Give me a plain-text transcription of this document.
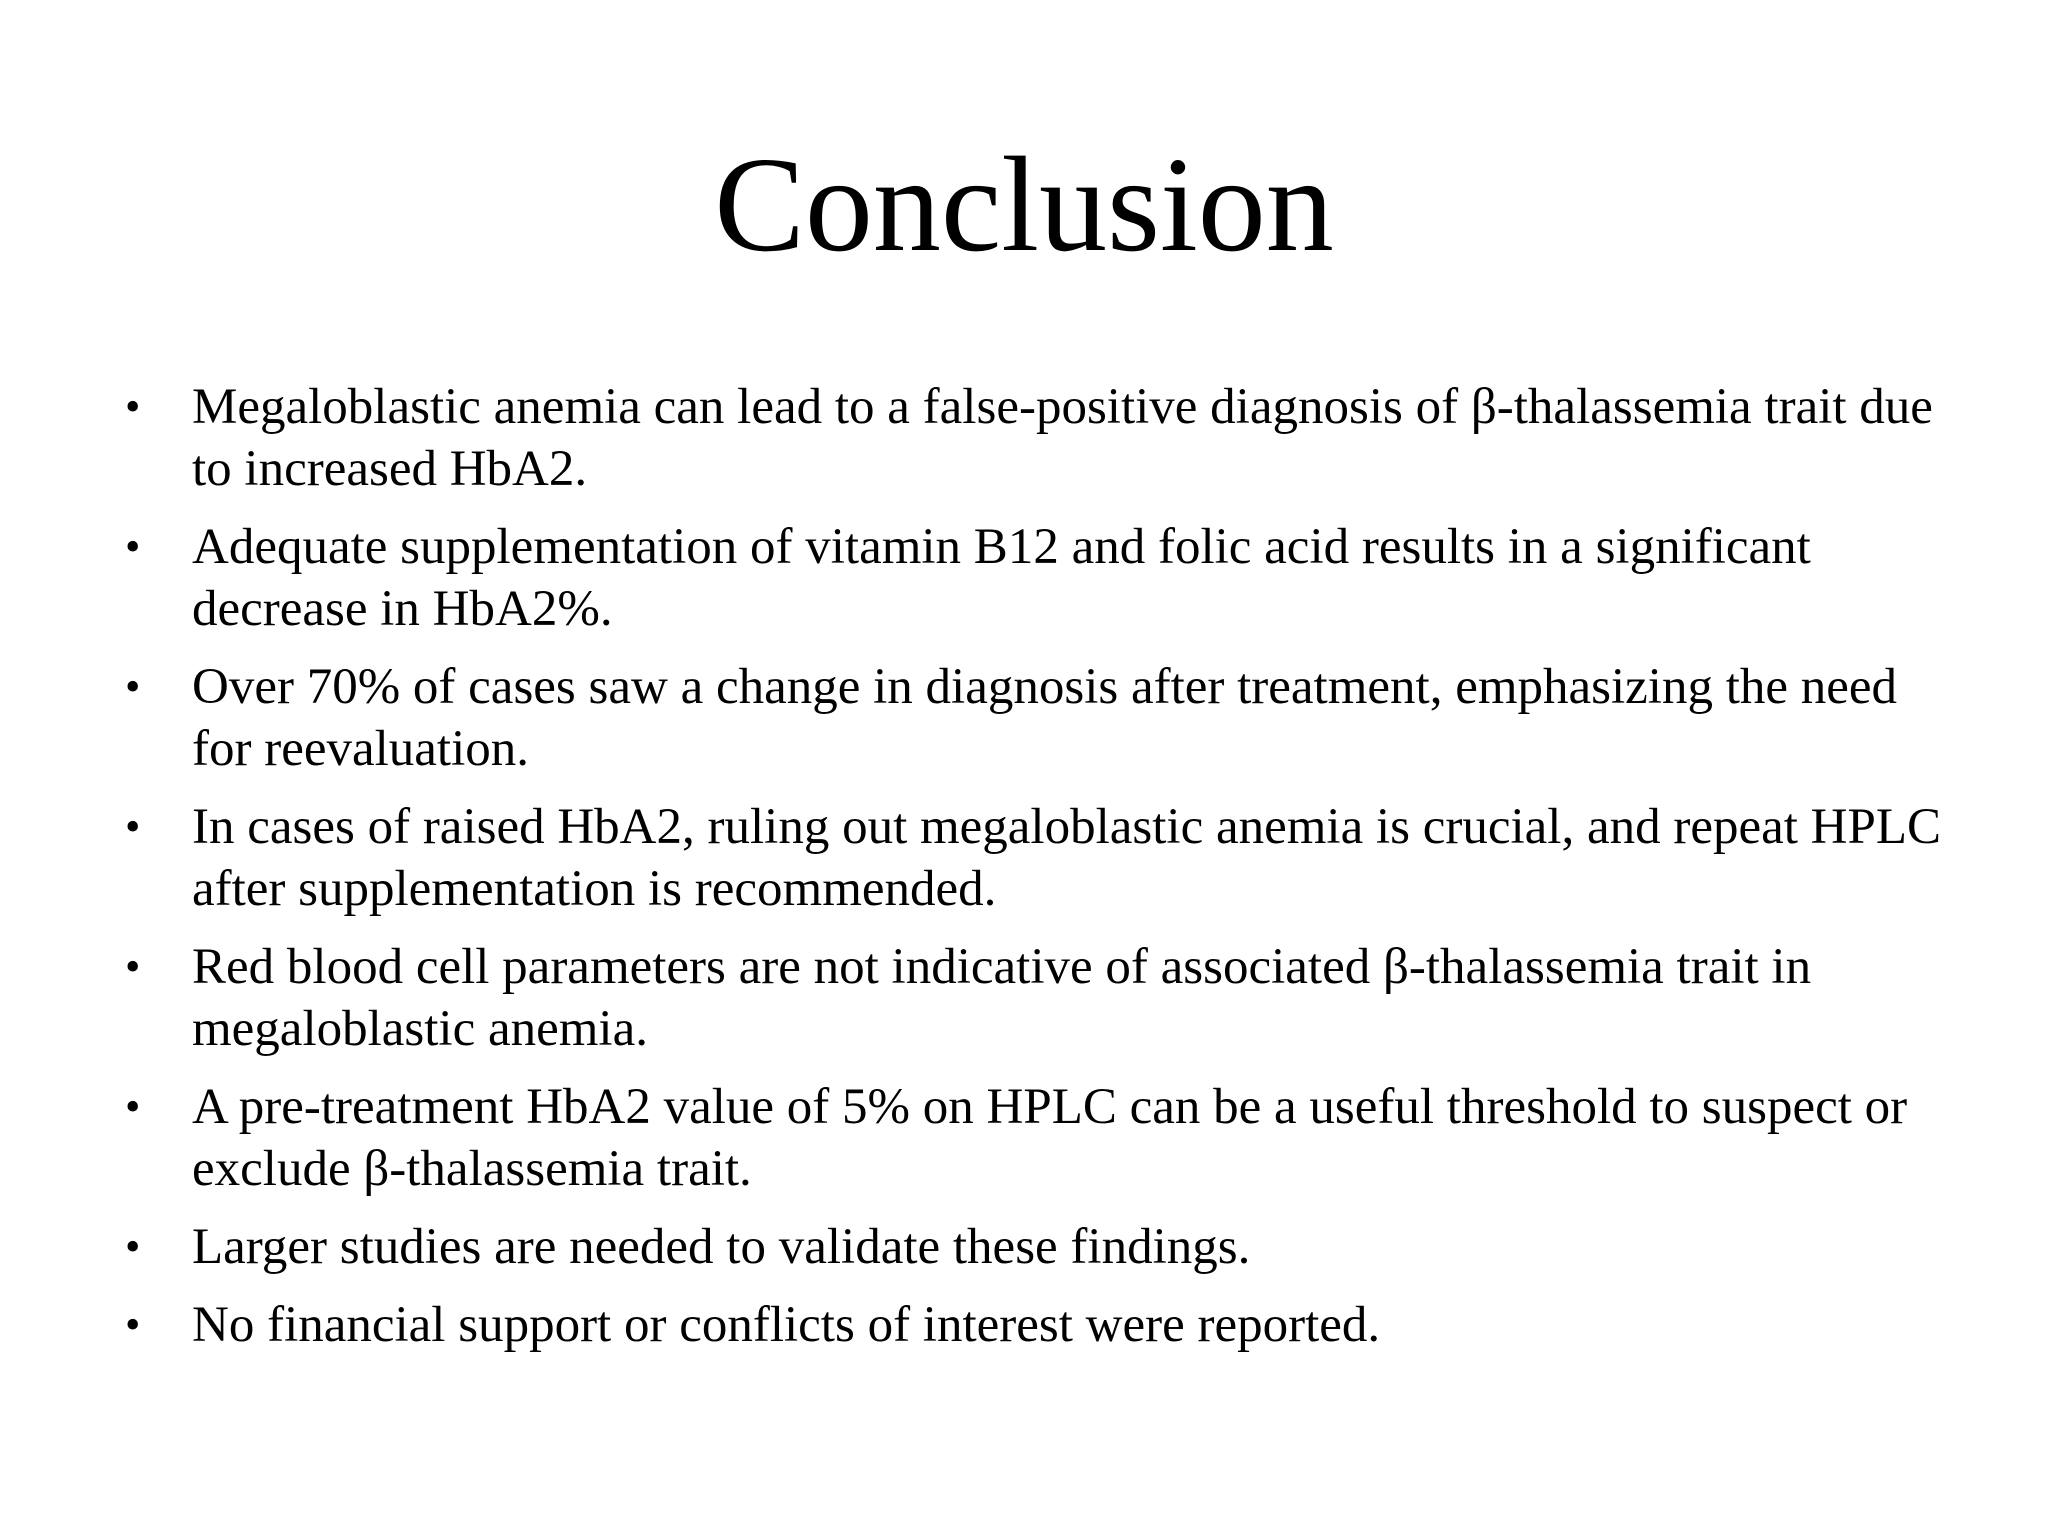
Conclusion
•	Megaloblastic anemia can lead to a false-positive diagnosis of β-thalassemia trait due to increased HbA2.
•	Adequate supplementation of vitamin B12 and folic acid results in a significant decrease in HbA2%.
•	Over 70% of cases saw a change in diagnosis after treatment, emphasizing the need for reevaluation.
•	In cases of raised HbA2, ruling out megaloblastic anemia is crucial, and repeat HPLC after supplementation is recommended.
•	Red blood cell parameters are not indicative of associated β-thalassemia trait in megaloblastic anemia.
•	A pre-treatment HbA2 value of 5% on HPLC can be a useful threshold to suspect or exclude β-thalassemia trait.
•	Larger studies are needed to validate these findings.
•	No financial support or conflicts of interest were reported.
